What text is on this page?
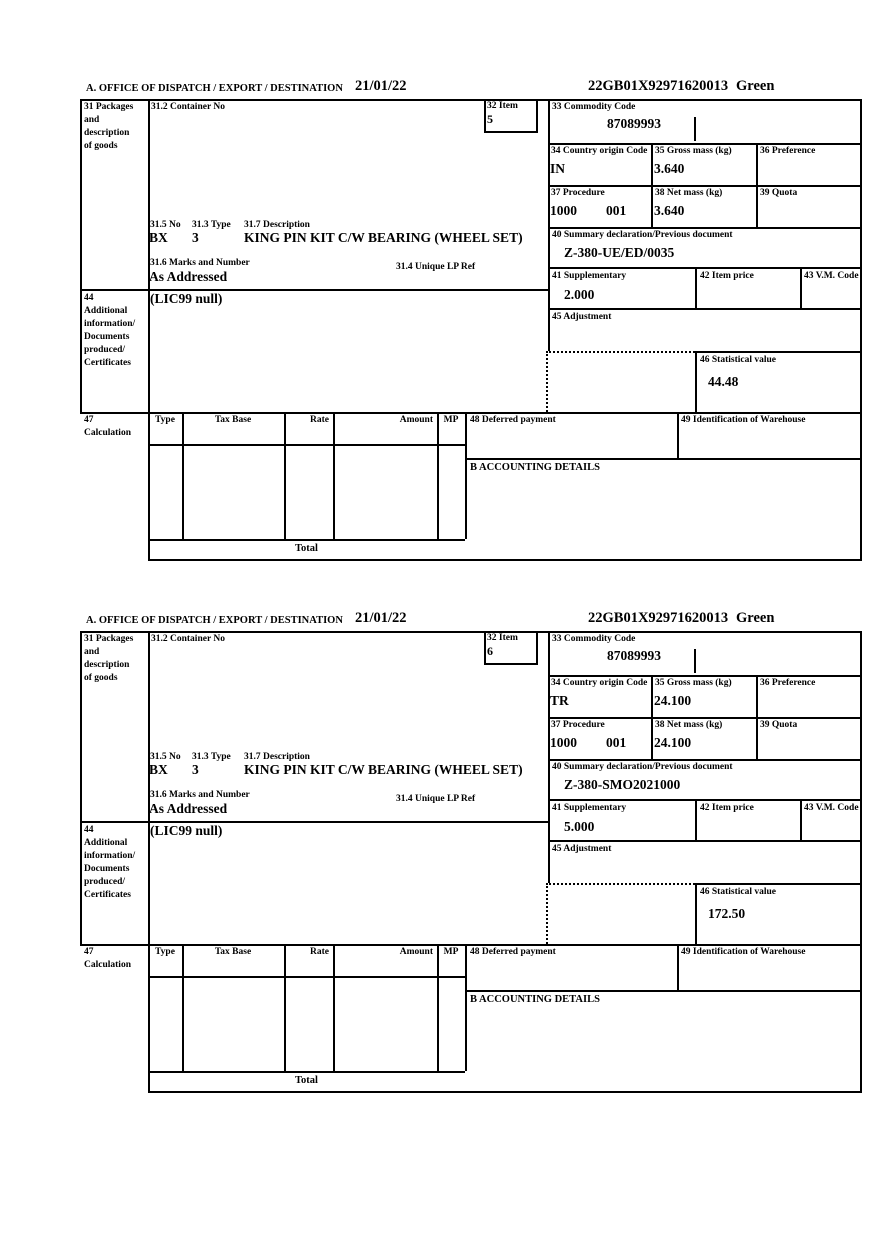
A. OFFICE OF DISPATCH / EXPORT / DESTINATION 21/01/22	22GB01X92971620013 Green
31 Packages
and
description
of goods
44
Additional
information/
Documents
produced/
Certificates
47
Calculation
31.2 Container No	32 Item
5
33 Commodity Code
87089993
34 Country origin Code
IN
35 Gross mass (kg)
3.640
36 Preference
37 Procedure
1000 001
38 Net mass (kg)
3.640
39 Quota
31.5 No 31.3 Type 31.7 Description
BX 3	KING PIN KIT C/W BEARING (WHEEL SET)
31.6 Marks and Number	31.4 Unique LP Ref
As Addressed
40 Summary declaration/Previous document
Z-380-UE/ED/0035
41 Supplementary
2.000
42 Item price	43 V.M. Code
(LIC99 null)
45 Adjustment
46 Statistical value
44.48
Type	Tax Base	Rate	Amount	MP	48 Deferred payment	49 Identification of Warehouse
B ACCOUNTING DETAILS
Total
A. OFFICE OF DISPATCH / EXPORT / DESTINATION 21/01/22	22GB01X92971620013 Green
31 Packages
and
description
of goods
44
Additional
information/
Documents
produced/
Certificates
47
Calculation
31.2 Container No	32 Item
6
33 Commodity Code
87089993
34 Country origin Code
TR
35 Gross mass (kg)
24.100
36 Preference
37 Procedure
1000 001
38 Net mass (kg)
24.100
39 Quota
31.5 No 31.3 Type 31.7 Description
BX 3	KING PIN KIT C/W BEARING (WHEEL SET)
31.6 Marks and Number	31.4 Unique LP Ref
As Addressed
40 Summary declaration/Previous document
Z-380-SMO2021000
41 Supplementary
5.000
42 Item price	43 V.M. Code
(LIC99 null)
45 Adjustment
46 Statistical value
172.50
Type	Tax Base	Rate	Amount	MP	48 Deferred payment	49 Identification of Warehouse
B ACCOUNTING DETAILS
Total
